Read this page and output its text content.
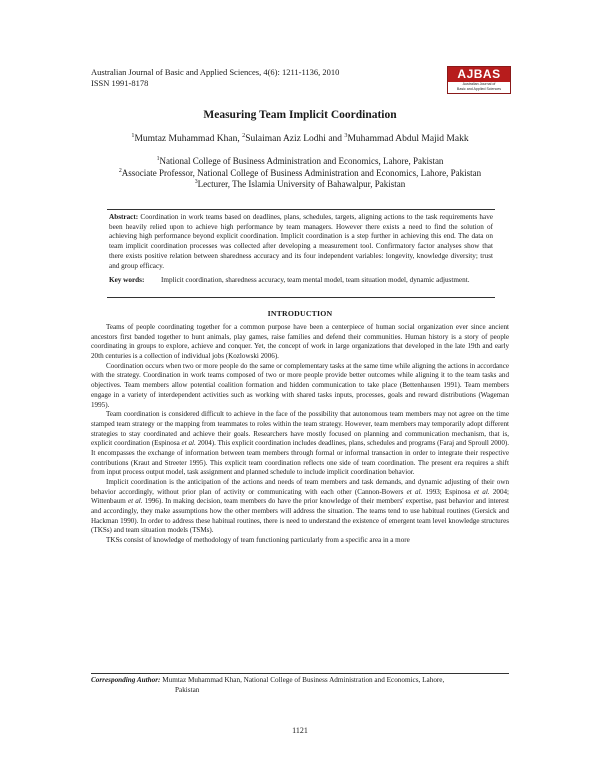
Australian Journal of Basic and Applied Sciences, 4(6): 1211-1136, 2010
ISSN 1991-8178
AJBAS
Australian Journal of
Basic and Applied Sciences
Measuring Team Implicit Coordination
$^1$Mumtaz Muhammad Khan, $^2$Sulaiman Aziz Lodhi and $^3$Muhammad Abdul Majid Makk
$^1$National College of Business Administration and Economics, Lahore, Pakistan
$^2$Associate Professor, National College of Business Administration and Economics, Lahore, Pakistan
$^3$Lecturer, The Islamia University of Bahawalpur, Pakistan
Abstract: Coordination in work teams based on deadlines, plans, schedules, targets, aligning actions to the task requirements have been heavily relied upon to achieve high performance by team managers. However there exists a need to find the solution of achieving high performance beyond explicit coordination. Implicit coordination is a step further in achieving this end. The data on team implicit coordination processes was collected after developing a measurement tool. Confirmatory factor analyses show that there exists positive relation between sharedness accuracy and its four independent variables: longevity, knowledge diversity; trust and group efficacy.
Key words:	Implicit coordination, sharedness accuracy, team mental model, team situation model, dynamic adjustment.
INTRODUCTION

Teams of people coordinating together for a common purpose have been a centerpiece of human social organization ever since ancient ancestors first banded together to hunt animals, play games, raise families and defend their communities. Human history is a story of people coordinating in groups to explore, achieve and conquer. Yet, the concept of work in large organizations that developed in the late 19th and early 20th centuries is a collection of individual jobs (Kozlowski 2006).

Coordination occurs when two or more people do the same or complementary tasks at the same time while aligning the actions in accordance with the strategy. Coordination in work teams composed of two or more people provide better outcomes while aligning it to the team tasks and objectives. Team members allow potential coalition formation and hidden communication to take place (Bettenhausen 1991). Team members engage in a variety of interdependent activities such as working with shared tasks inputs, processes, goals and reward distributions (Wageman 1995).

Team coordination is considered difficult to achieve in the face of the possibility that autonomous team members may not agree on the time stamped team strategy or the mapping from teammates to roles within the team strategy. However, team members may temporarily adopt different strategies to stay coordinated and achieve their goals. Researchers have mostly focused on planning and communication mechanism, that is, explicit coordination (Espinosa et al. 2004). This explicit coordination includes deadlines, plans, schedules and programs (Faraj and Sproull 2000). It encompasses the exchange of information between team members through formal or informal transaction in order to integrate their respective contributions (Kraut and Streeter 1995). This explicit team coordination reflects one side of team coordination. The present era requires a shift from input process output model, task assignment and planned schedule to include implicit coordination behavior.

Implicit coordination is the anticipation of the actions and needs of team members and task demands, and dynamic adjusting of their own behavior accordingly, without prior plan of activity or communicating with each other (Cannon-Bowers et al. 1993; Espinosa et al. 2004; Wittenbaum et al. 1996). In making decision, team members do have the prior knowledge of their members' expertise, past behavior and interest and accordingly, they make assumptions how the other members will address the situation. The teams tend to use habitual routines (Gersick and Hackman 1990). In order to address these habitual routines, there is need to understand the existence of emergent team level knowledge structures (TKSs) and team situation models (TSMs).

TKSs consist of knowledge of methodology of team functioning particularly from a specific area in a more

Corresponding Author: Mumtaz Muhammad Khan, National College of Business Administration and Economics, Lahore,
Pakistan
1121
